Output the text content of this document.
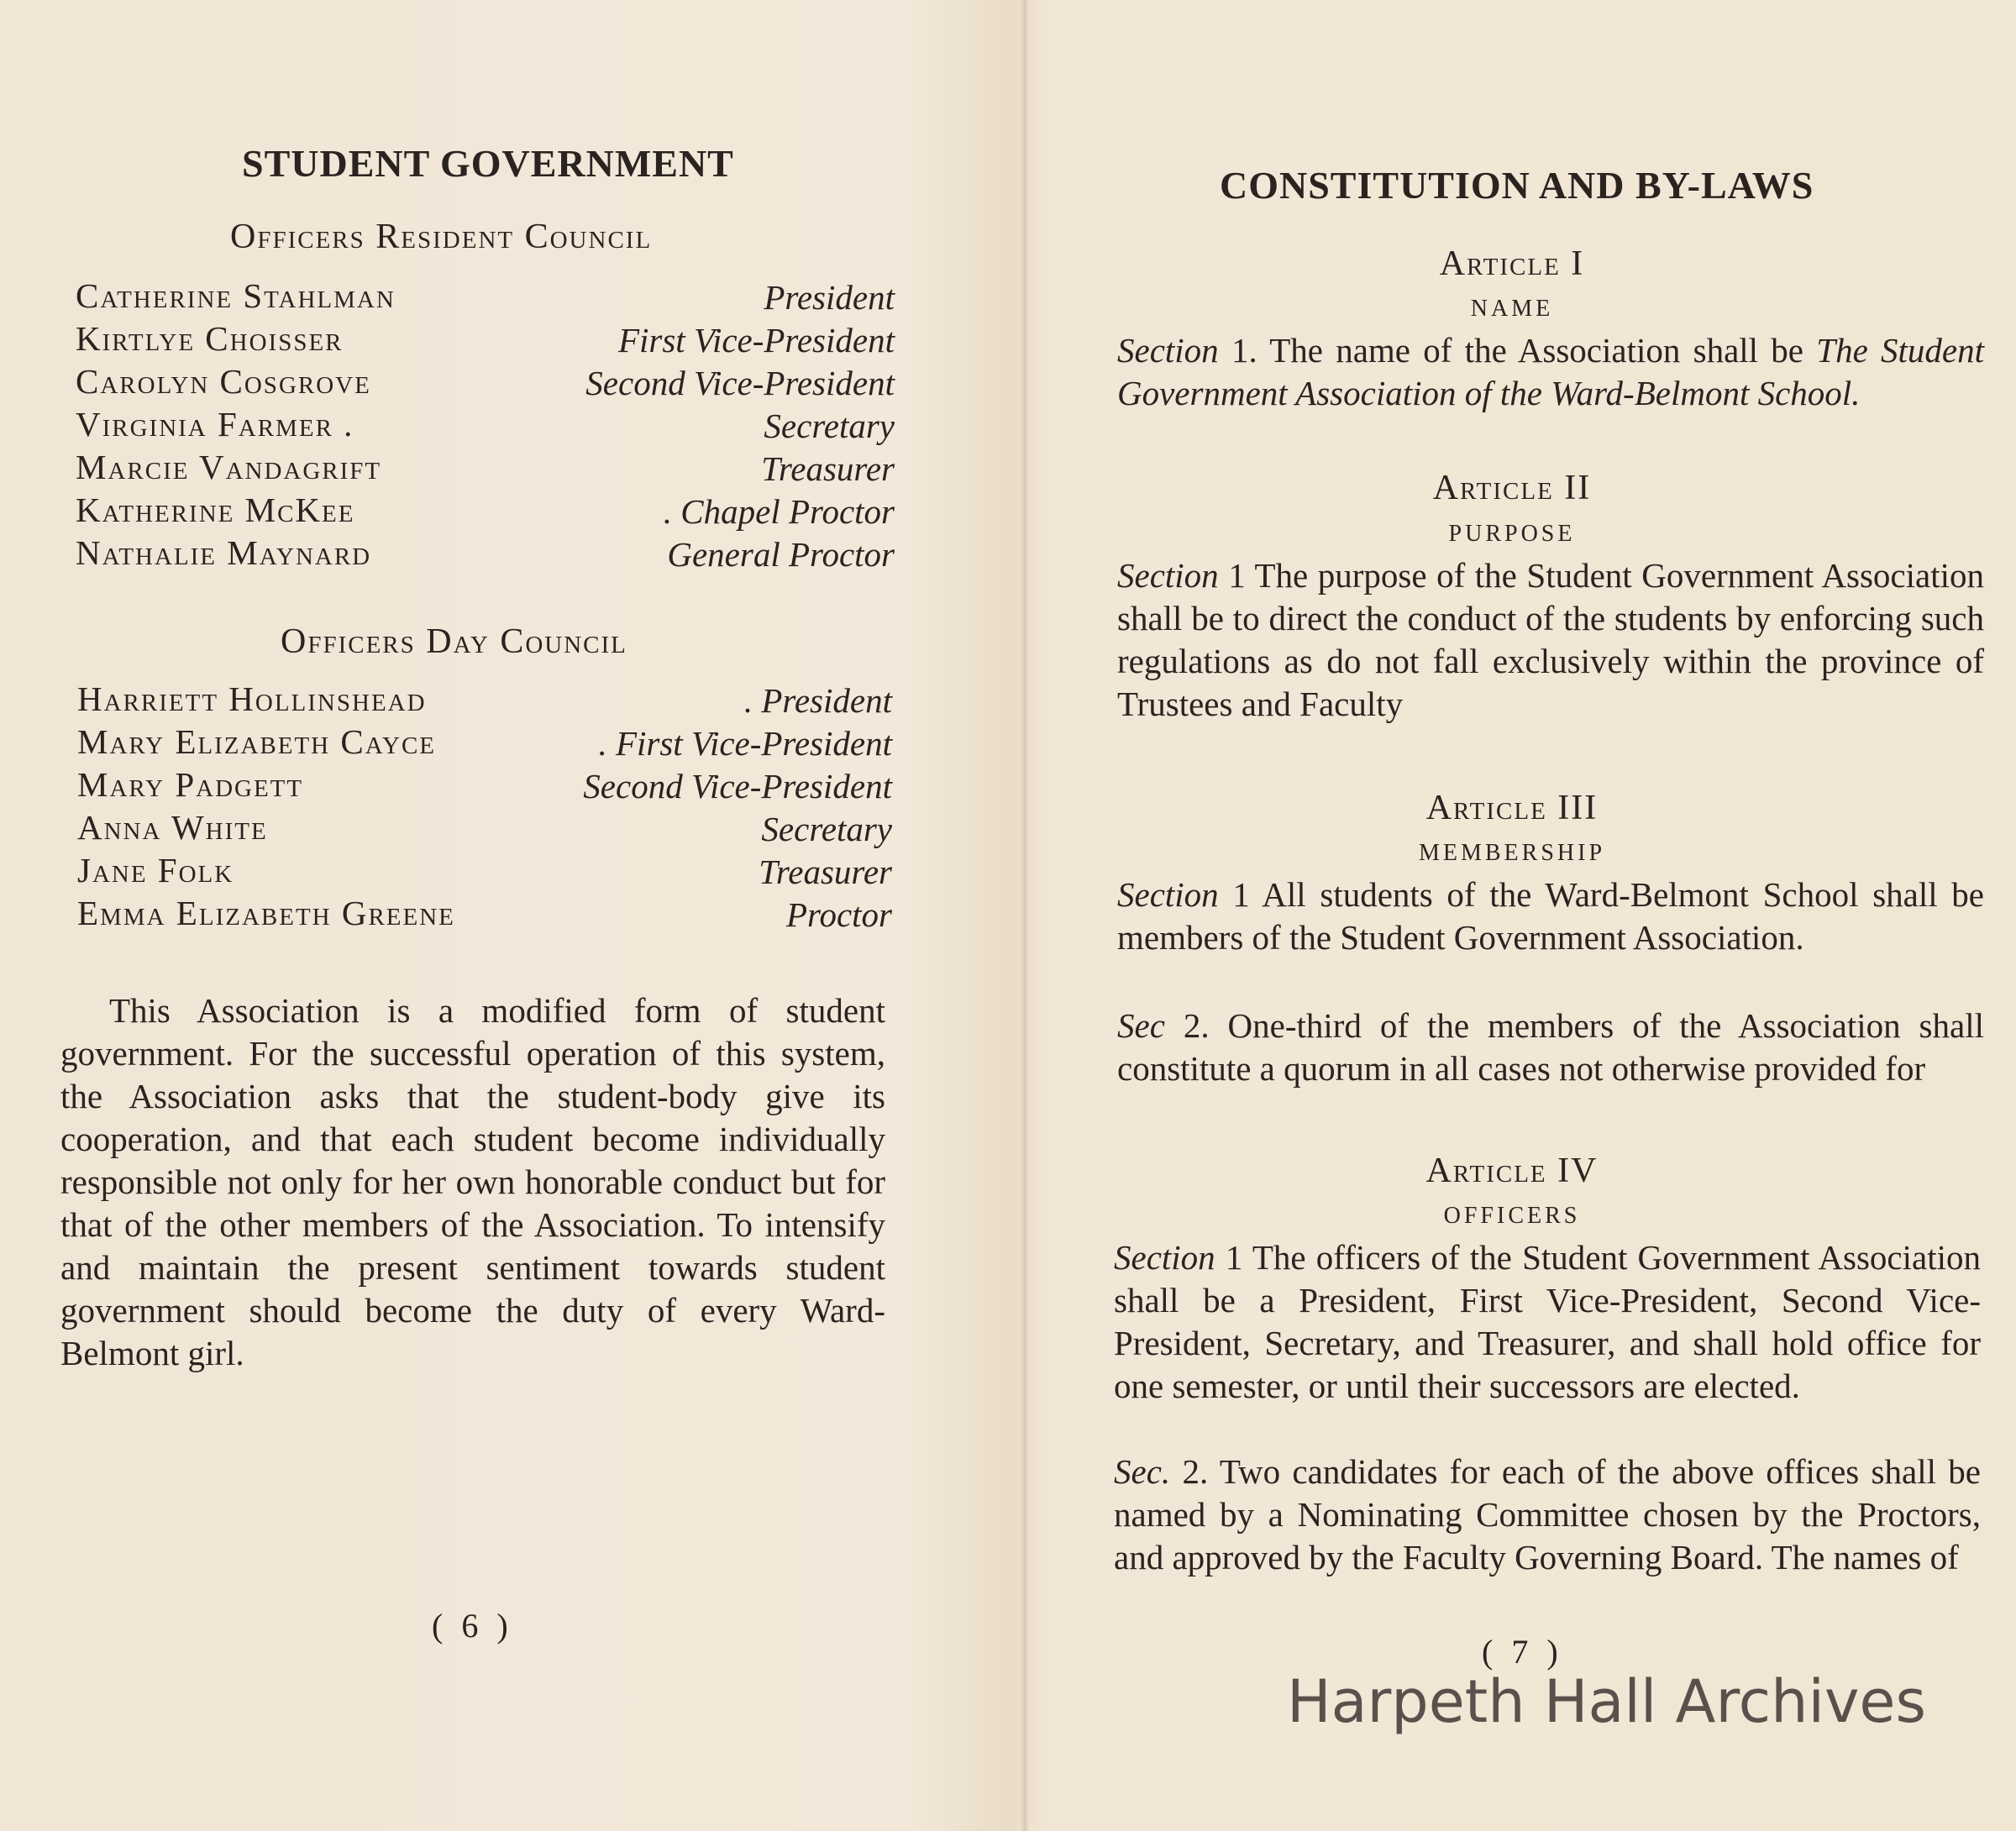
STUDENT GOVERNMENT
Officers Resident Council
Catherine Stahlman	President
Kirtlye Choisser	First Vice-President
Carolyn Cosgrove	Second Vice-President
Virginia Farmer .	Secretary
Marcie Vandagrift	Treasurer
Katherine McKee	. Chapel Proctor
Nathalie Maynard	General Proctor
Officers Day Council
Harriett Hollinshead	. President
Mary Elizabeth Cayce	. First Vice-President
Mary Padgett	Second Vice-President
Anna White	Secretary
Jane Folk	Treasurer
Emma Elizabeth Greene	Proctor

This Association is a modified form of student government. For the successful operation of this system, the Association asks that the student-body give its cooperation, and that each student become individually responsible not only for her own honorable conduct but for that of the other members of the Association. To intensify and maintain the present sentiment towards student government should become the duty of every Ward-Belmont girl.

( 6 )
CONSTITUTION AND BY-LAWS
Article I
NAME

Section 1. The name of the Association shall be The Student Government Association of the Ward-Belmont School.

Article II
PURPOSE

Section 1 The purpose of the Student Government Association shall be to direct the conduct of the students by enforcing such regulations as do not fall exclusively within the province of Trustees and Faculty

Article III
MEMBERSHIP

Section 1 All students of the Ward-Belmont School shall be members of the Student Government Association.

Sec 2. One-third of the members of the Association shall constitute a quorum in all cases not otherwise provided for

Article IV
OFFICERS

Section 1 The officers of the Student Government Association shall be a President, First Vice-President, Second Vice-President, Secretary, and Treasurer, and shall hold office for one semester, or until their successors are elected.

Sec. 2. Two candidates for each of the above offices shall be named by a Nominating Committee chosen by the Proctors, and approved by the Faculty Governing Board. The names of

( 7 )
Harpeth Hall Archives
